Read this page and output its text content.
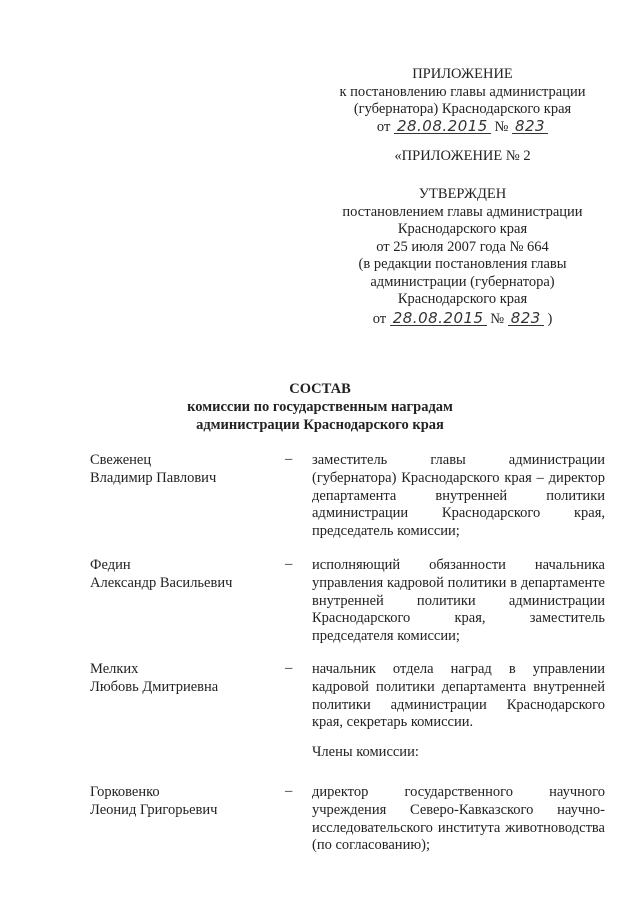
ПРИЛОЖЕНИЕ
к постановлению главы администрации
(губернатора) Краснодарского края
от 28.08.2015 № 823
«ПРИЛОЖЕНИЕ № 2
УТВЕРЖДЕН
постановлением главы администрации
Краснодарского края
от 25 июля 2007 года № 664
(в редакции постановления главы
администрации (губернатора)
Краснодарского края
от 28.08.2015 № 823 )
СОСТАВ
комиссии по государственным наградам
администрации Краснодарского края
Свеженец
Владимир Павлович
–	заместитель главы администрации (губернатора) Краснодарского края – директор департамента внутренней политики администрации Краснодарского края, председатель комиссии;
Федин
Александр Васильевич
–	исполняющий обязанности начальника управления кадровой политики в департаменте внутренней политики администрации Краснодарского края, заместитель председателя комиссии;
Мелких
Любовь Дмитриевна
–	начальник отдела наград в управлении кадровой политики департамента внутренней политики администрации Краснодарского края, секретарь комиссии.
Члены комиссии:
Горковенко
Леонид Григорьевич
–	директор государственного научного учреждения Северо-Кавказского научно-исследовательского института животноводства (по согласованию);
